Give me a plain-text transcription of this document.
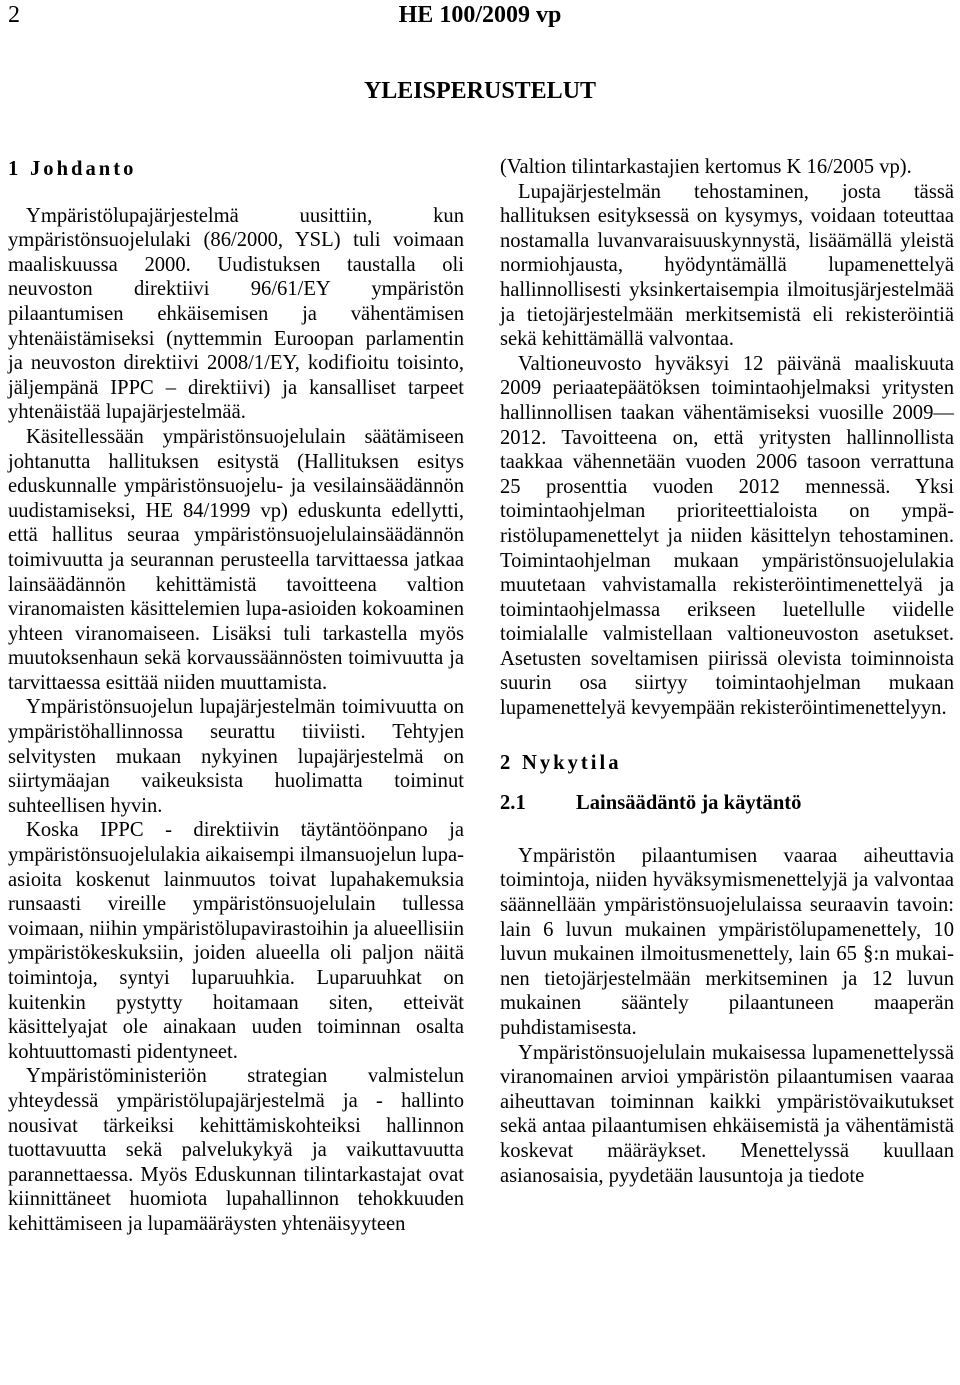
2	HE 100/2009 vp
YLEISPERUSTELUT
1 Johdanto

Ympäristölupajärjestelmä uusittiin, kun ympäristönsuojelulaki (86/2000, YSL) tuli voimaan maaliskuussa 2000. Uudistuksen taustalla oli neuvoston direktiivi 96/61/EY ympäristön pilaantumisen ehkäisemisen ja vähentämisen yhtenäistämiseksi (nyttemmin Euroopan parlamentin ja neuvoston direktiivi 2008/1/EY, kodifioitu toisinto, jäljempänä IPPC – direktiivi) ja kansalliset tarpeet yhtenäistää lupajärjestelmää.

Käsitellessään ympäristönsuojelulain säätämiseen johtanutta hallituksen esitystä (Hallituksen esitys eduskunnalle ympäristönsuojelu- ja vesilainsäädännön uudistamiseksi, HE 84/1999 vp) eduskunta edellytti, että hallitus seuraa ympäristönsuojelulainsäädännön toimivuutta ja seurannan perusteella tarvittaessa jatkaa lainsäädännön kehittämistä tavoitteena valtion viranomaisten käsittelemien lupa-asioiden kokoaminen yhteen viranomaiseen. Lisäksi tuli tarkastella myös muutoksenhaun sekä korvaussäännösten toimivuutta ja tarvittaessa esittää niiden muuttamista.

Ympäristönsuojelun lupajärjestelmän toimivuutta on ympäristöhallinnossa seurattu tiiviisti. Tehtyjen selvitysten mukaan nykyinen lupajärjestelmä on siirtymäajan vaikeuksista huolimatta toiminut suhteellisen hyvin.

Koska IPPC - direktiivin täytäntöönpano ja ympäristönsuojelulakia aikaisempi ilmansuojelun lupa-asioita koskenut lainmuutos toivat lupahakemuksia runsaasti vireille ympäristönsuojelulain tullessa voimaan, niihin ympäristölupavirastoihin ja alueellisiin ympäristökeskuksiin, joiden alueella oli paljon näitä toimintoja, syntyi luparuuhkia. Luparuuhkat on kuitenkin pystytty hoitamaan siten, etteivät käsittelyajat ole ainakaan uuden toiminnan osalta kohtuuttomasti pidentyneet.

Ympäristöministeriön strategian valmistelun yhteydessä ympäristölupajärjestelmä ja - hallinto nousivat tärkeiksi kehittämiskohteiksi hallinnon tuottavuutta sekä palvelukykyä ja vaikuttavuutta parannettaessa. Myös Eduskunnan tilintarkastajat ovat kiinnittäneet huomiota lupahallinnon tehokkuuden kehittämiseen ja lupamääräysten yhtenäisyyteen

(Valtion tilintarkastajien kertomus K 16/2005 vp).

Lupajärjestelmän tehostaminen, josta tässä hallituksen esityksessä on kysymys, voidaan toteuttaa nostamalla luvanvaraisuuskynnystä, lisäämällä yleistä normiohjausta, hyödyntämällä lupamenettelyä hallinnollisesti yksinkertaisempia ilmoitusjärjestelmää ja tietojärjestelmään merkitsemistä eli rekisteröintiä sekä kehittämällä valvontaa.

Valtioneuvosto hyväksyi 12 päivänä maaliskuuta 2009 periaatepäätöksen toimintaohjelmaksi yritysten hallinnollisen taakan vähentämiseksi vuosille 2009—2012. Tavoitteena on, että yritysten hallinnollista taakkaa vähennetään vuoden 2006 tasoon verrattuna 25 prosenttia vuoden 2012 mennessä. Yksi toimintaohjelman prioriteettialoista on ympäristölupamenettelyt ja niiden käsittelyn tehostaminen. Toimintaohjelman mukaan ympäristönsuojelulakia muutetaan vahvistamalla rekisteröintimenettelyä ja toimintaohjelmassa erikseen luetellulle viidelle toimialalle valmistellaan valtioneuvoston asetukset. Asetusten soveltamisen piirissä olevista toiminnoista suurin osa siirtyy toimintaohjelman mukaan lupamenettelyä kevyempään rekisteröintimenettelyyn.

2 Nykytila
2.1 Lainsäädäntö ja käytäntö

Ympäristön pilaantumisen vaaraa aiheuttavia toimintoja, niiden hyväksymismenettelyjä ja valvontaa säännellään ympäristönsuojelulaissa seuraavin tavoin: lain 6 luvun mukainen ympäristölupamenettely, 10 luvun mukainen ilmoitusmenettely, lain 65 §:n mukainen tietojärjestelmään merkitseminen ja 12 luvun mukainen sääntely pilaantuneen maaperän puhdistamisesta.

Ympäristönsuojelulain mukaisessa lupamenettelyssä viranomainen arvioi ympäristön pilaantumisen vaaraa aiheuttavan toiminnan kaikki ympäristövaikutukset sekä antaa pilaantumisen ehkäisemistä ja vähentämistä koskevat määräykset. Menettelyssä kuullaan asianosaisia, pyydetään lausuntoja ja tiedote
